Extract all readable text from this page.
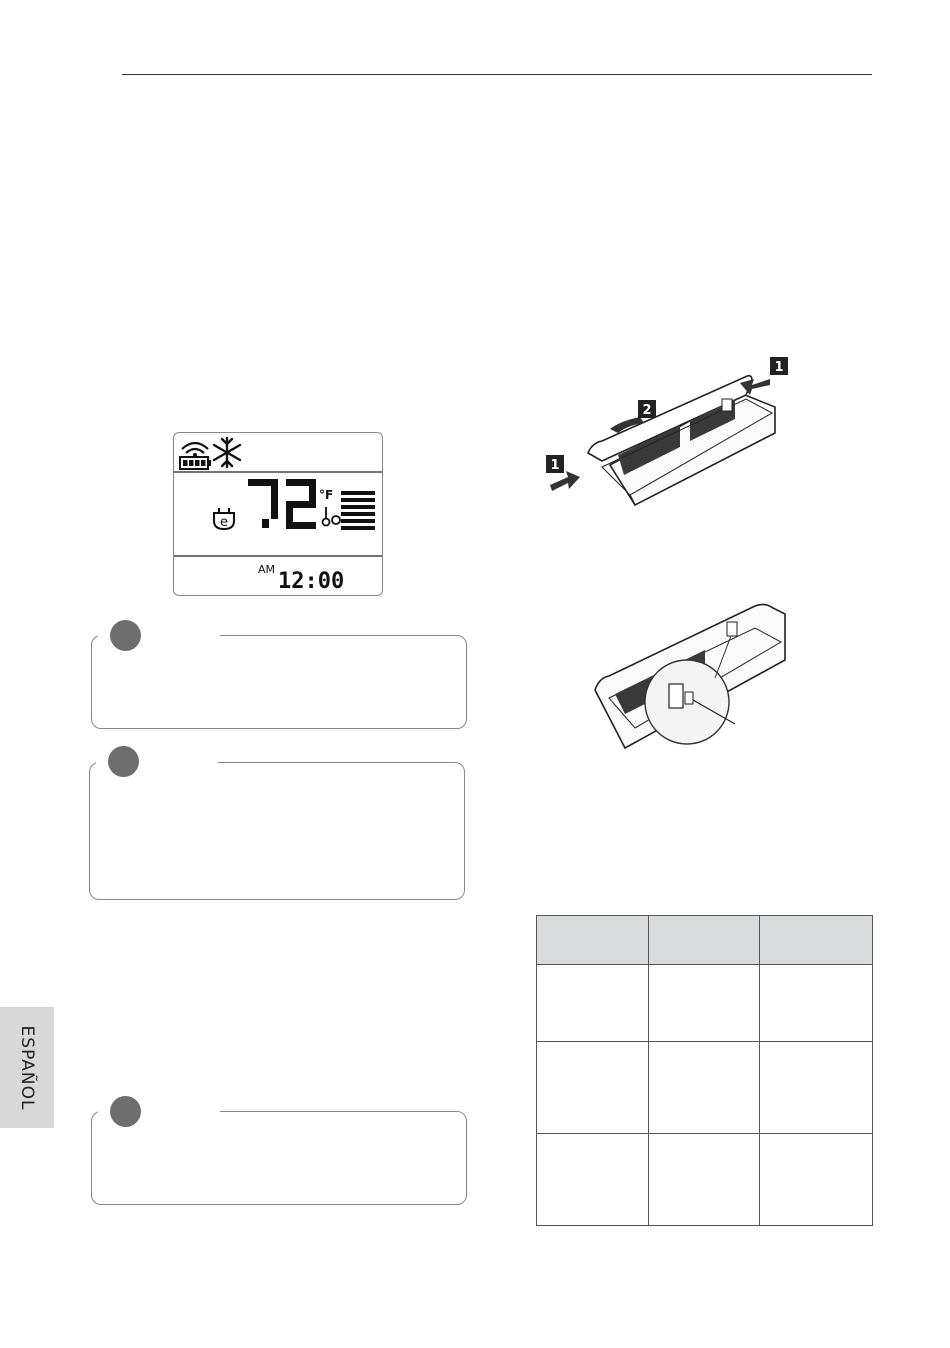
e
°F
AM 12:00
1
1
2

ESPAÑOL
